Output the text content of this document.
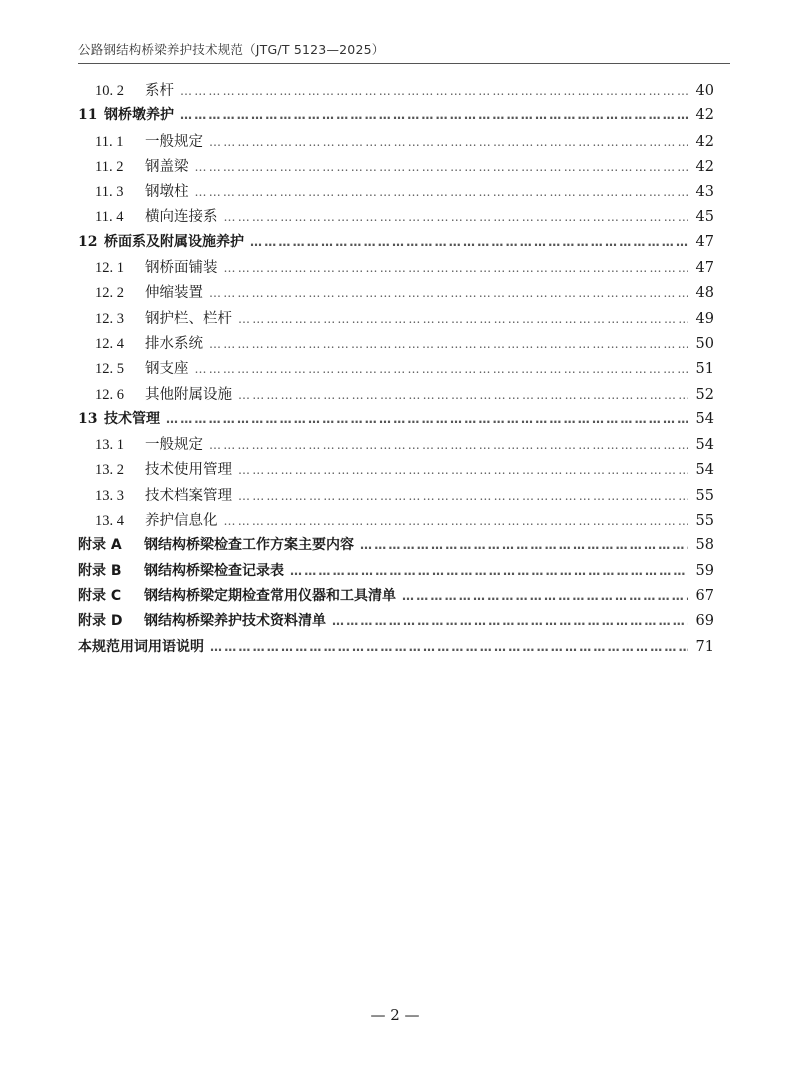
公路钢结构桥梁养护技术规范（JTG/T 5123—2025）
10. 2	系杆 …………………………………………………………………………………………………………………………………………………………	40
11 钢桥墩养护 …………………………………………………………………………………………………………………………………………………………	42
11. 1	一般规定 …………………………………………………………………………………………………………………………………………………………	42
11. 2	钢盖梁 …………………………………………………………………………………………………………………………………………………………	42
11. 3	钢墩柱 …………………………………………………………………………………………………………………………………………………………	43
11. 4	横向连接系 …………………………………………………………………………………………………………………………………………………………	45
12 桥面系及附属设施养护 …………………………………………………………………………………………………………………………………………………………	47
12. 1	钢桥面铺装 …………………………………………………………………………………………………………………………………………………………	47
12. 2	伸缩装置 …………………………………………………………………………………………………………………………………………………………	48
12. 3	钢护栏、栏杆 …………………………………………………………………………………………………………………………………………………………	49
12. 4	排水系统 …………………………………………………………………………………………………………………………………………………………	50
12. 5	钢支座 …………………………………………………………………………………………………………………………………………………………	51
12. 6	其他附属设施 …………………………………………………………………………………………………………………………………………………………	52
13 技术管理 …………………………………………………………………………………………………………………………………………………………	54
13. 1	一般规定 …………………………………………………………………………………………………………………………………………………………	54
13. 2	技术使用管理 …………………………………………………………………………………………………………………………………………………………	54
13. 3	技术档案管理 …………………………………………………………………………………………………………………………………………………………	55
13. 4	养护信息化 …………………………………………………………………………………………………………………………………………………………	55
附录 A	钢结构桥梁检查工作方案主要内容 …………………………………………………………………………………………………………………………………………………………	58
附录 B	钢结构桥梁检查记录表 …………………………………………………………………………………………………………………………………………………………	59
附录 C	钢结构桥梁定期检查常用仪器和工具清单 …………………………………………………………………………………………………………………………………………………………	67
附录 D	钢结构桥梁养护技术资料清单 …………………………………………………………………………………………………………………………………………………………	69
本规范用词用语说明 …………………………………………………………………………………………………………………………………………………………	71
— 2 —
